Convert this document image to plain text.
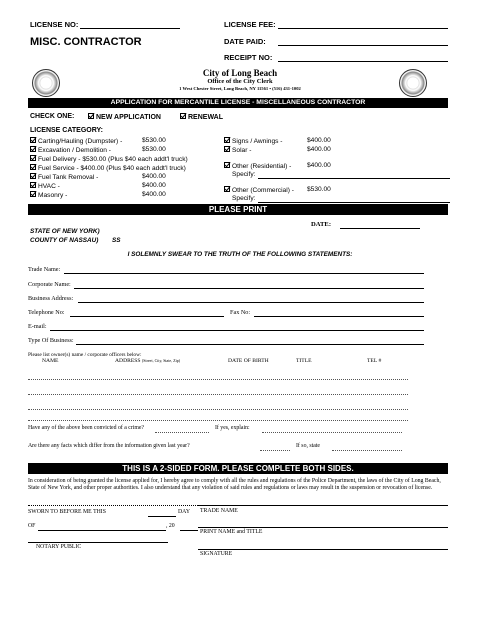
LICENSE NO:
MISC. CONTRACTOR
LICENSE FEE:
DATE PAID:
RECEIPT NO:
City of Long Beach
Office of the City Clerk
1 West Chester Street, Long Beach, NY 11561 • (516) 431-1002
APPLICATION FOR MERCANTILE LICENSE - MISCELLANEOUS CONTRACTOR
CHECK ONE:	NEW APPLICATION	RENEWAL
LICENSE CATEGORY:
Carting/Hauling (Dumpster) -	$530.00
Excavation / Demolition -	$530.00
Fuel Delivery - $530.00 (Plus $40 each addt'l truck)
Fuel Service - $400.00 (Plus $40 each addt'l truck)
Fuel Tank Removal -	$400.00
HVAC -	$400.00
Masonry -	$400.00
Signs / Awnings -	$400.00
Solar -	$400.00
Other (Residential) - $400.00
Specify:
Other (Commercial) - $530.00
Specify:
PLEASE PRINT
DATE:
STATE OF NEW YORK)
COUNTY OF NASSAU) SS
I SOLEMNLY SWEAR TO THE TRUTH OF THE FOLLOWING STATEMENTS:
Trade Name:
Corporate Name:
Business Address:
Telephone No:	Fax No:
E-mail:
Type Of Business:
Please list owner(s) name / corporate officers below:
NAME	ADDRESS (Street, City, State, Zip)	DATE OF BIRTH	TITLE	TEL #
Have any of the above been convicted of a crime?	If yes, explain:
Are there any facts which differ from the information given last year?	If so, state
THIS IS A 2-SIDED FORM. PLEASE COMPLETE BOTH SIDES.
In consideration of being granted the license applied for, I hereby agree to comply with all the rules and regulations of the Police Department, the laws of the City of Long Beach, State of New York, and other proper authorities. I also understand that any violation of said rules and regulations or laws may result in the suspension or revocation of license.
SWORN TO BEFORE ME THIS	DAY
OF	, 20
NOTARY PUBLIC
TRADE NAME
PRINT NAME and TITLE
SIGNATURE
